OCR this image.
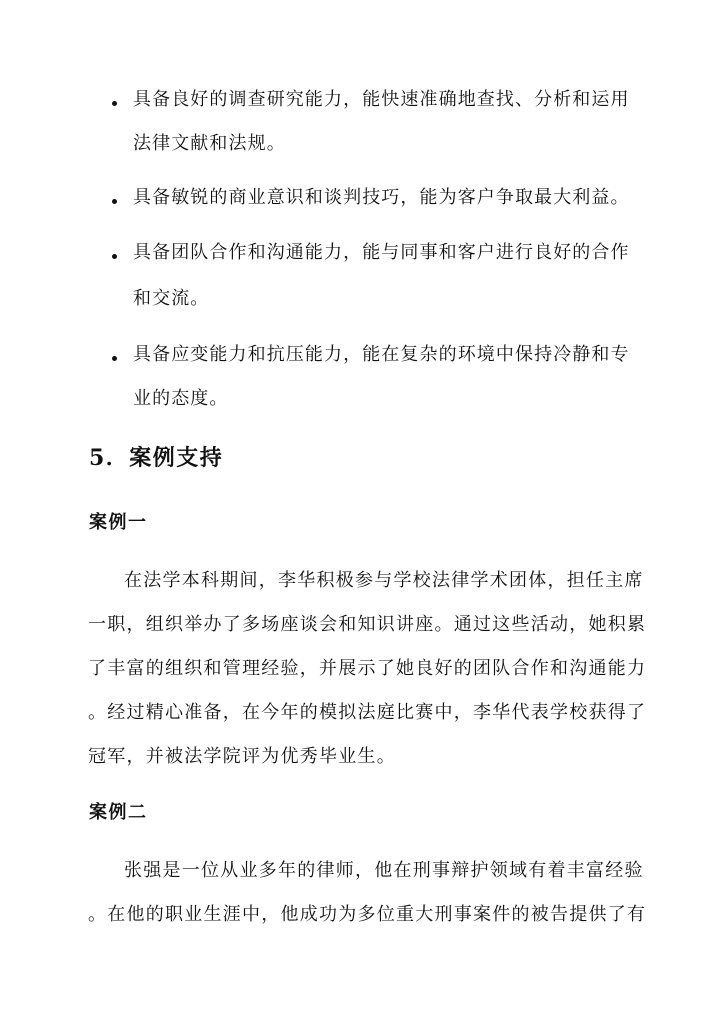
具备良好的调查研究能力，能快速准确地查找、分析和运用
法律文献和法规。
具备敏锐的商业意识和谈判技巧，能为客户争取最大利益。
具备团队合作和沟通能力，能与同事和客户进行良好的合作
和交流。
具备应变能力和抗压能力，能在复杂的环境中保持冷静和专
业的态度。
5．案例支持
案例一
在法学本科期间，李华积极参与学校法律学术团体，担任主席
一职，组织举办了多场座谈会和知识讲座。通过这些活动，她积累
了丰富的组织和管理经验，并展示了她良好的团队合作和沟通能力
。经过精心准备，在今年的模拟法庭比赛中，李华代表学校获得了
冠军，并被法学院评为优秀毕业生。
案例二
张强是一位从业多年的律师，他在刑事辩护领域有着丰富经验
。在他的职业生涯中，他成功为多位重大刑事案件的被告提供了有
